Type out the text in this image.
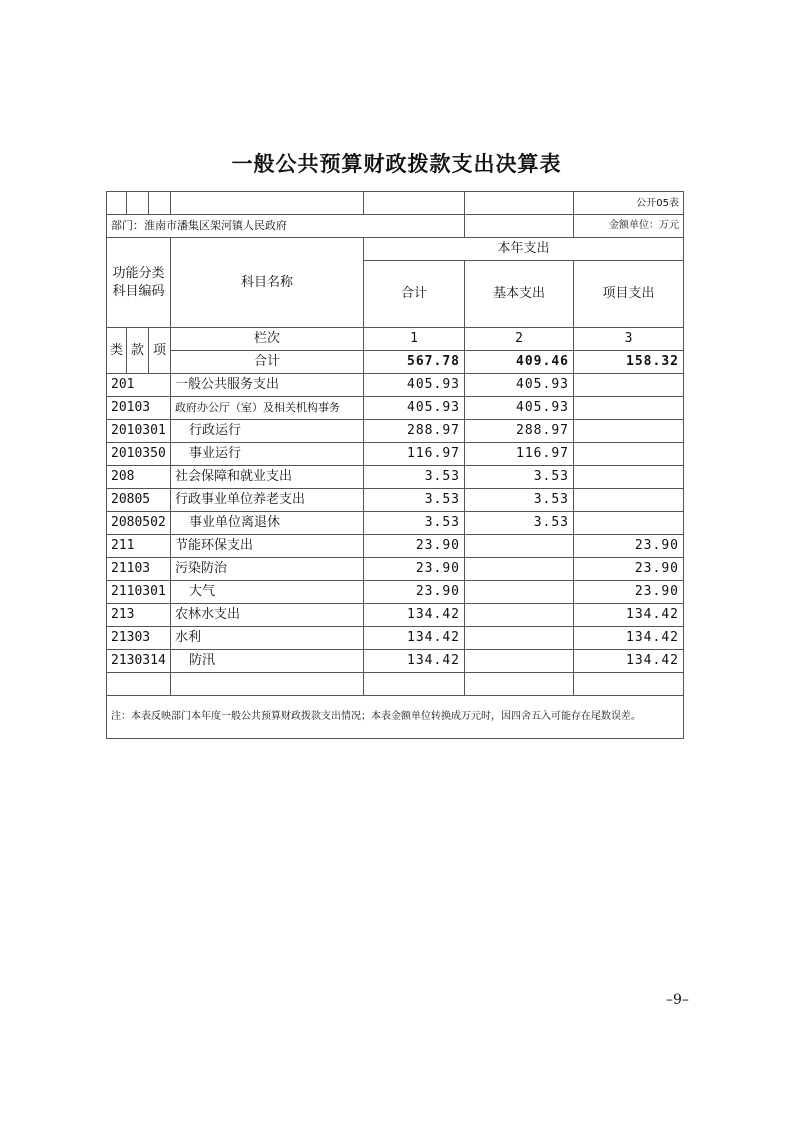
一般公共预算财政拨款支出决算表
						公开05表
部门：淮南市潘集区架河镇人民政府						金额单位：万元
功能分类科目编码			科目名称	本年支出		
				合计	基本支出	项目支出

类	款	项	栏次	1	2	3
			合计	567.78	409.46	158.32
201			一般公共服务支出	405.93	405.93	
20103			政府办公厅（室）及相关机构事务	405.93	405.93	
2010301			行政运行	288.97	288.97	
2010350			事业运行	116.97	116.97	
208			社会保障和就业支出	3.53	3.53	
20805			行政事业单位养老支出	3.53	3.53	
2080502			事业单位离退休	3.53	3.53	
211			节能环保支出	23.90		23.90
21103			污染防治	23.90		23.90
2110301			大气	23.90		23.90
213			农林水支出	134.42		134.42
21303			水利	134.42		134.42
2130314			防汛	134.42		134.42

注：本表反映部门本年度一般公共预算财政拨款支出情况；本表金额单位转换成万元时，因四舍五入可能存在尾数误差。						
–9–
